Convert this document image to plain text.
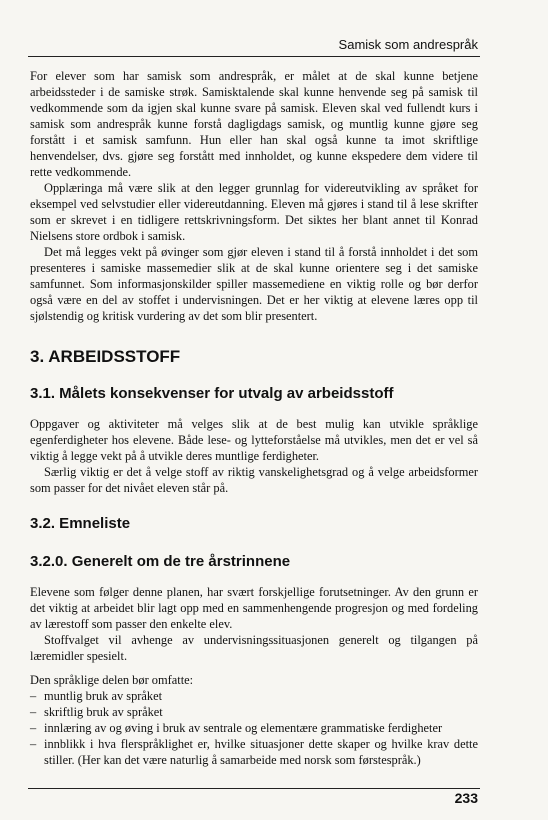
Samisk som andrespråk

For elever som har samisk som andrespråk, er målet at de skal kunne betjene arbeidssteder i de samiske strøk. Samisktalende skal kunne henvende seg på samisk til vedkommende som da igjen skal kunne svare på samisk. Eleven skal ved fullendt kurs i samisk som andrespråk kunne forstå dagligdags samisk, og muntlig kunne gjøre seg forstått i et samisk samfunn. Hun eller han skal også kunne ta imot skriftlige henvendelser, dvs. gjøre seg forstått med innholdet, og kunne ekspedere dem videre til rette vedkommende.

Opplæringa må være slik at den legger grunnlag for videreutvikling av språket for eksempel ved selvstudier eller videreutdanning. Eleven må gjøres i stand til å lese skrifter som er skrevet i en tidligere rettskrivningsform. Det siktes her blant annet til Konrad Nielsens store ordbok i samisk.

Det må legges vekt på øvinger som gjør eleven i stand til å forstå innholdet i det som presenteres i samiske massemedier slik at de skal kunne orientere seg i det samiske samfunnet. Som informasjonskilder spiller massemediene en viktig rolle og bør derfor også være en del av stoffet i undervisningen. Det er her viktig at elevene læres opp til sjølstendig og kritisk vurdering av det som blir presentert.

3. ARBEIDSSTOFF
3.1. Målets konsekvenser for utvalg av arbeidsstoff

Oppgaver og aktiviteter må velges slik at de best mulig kan utvikle språklige egenferdigheter hos elevene. Både lese- og lytteforståelse må utvikles, men det er vel så viktig å legge vekt på å utvikle deres muntlige ferdigheter.

Særlig viktig er det å velge stoff av riktig vanskelighetsgrad og å velge arbeidsformer som passer for det nivået eleven står på.

3.2. Emneliste
3.2.0. Generelt om de tre årstrinnene

Elevene som følger denne planen, har svært forskjellige forutsetninger. Av den grunn er det viktig at arbeidet blir lagt opp med en sammenhengende progresjon og med fordeling av lærestoff som passer den enkelte elev.

Stoffvalget vil avhenge av undervisningssituasjonen generelt og tilgangen på læremidler spesielt.

Den språklige delen bør omfatte:

– muntlig bruk av språket
– skriftlig bruk av språket
– innlæring av og øving i bruk av sentrale og elementære grammatiske ferdigheter
– innblikk i hva flerspråklighet er, hvilke situasjoner dette skaper og hvilke krav dette stiller. (Her kan det være naturlig å samarbeide med norsk som førstespråk.)
233
